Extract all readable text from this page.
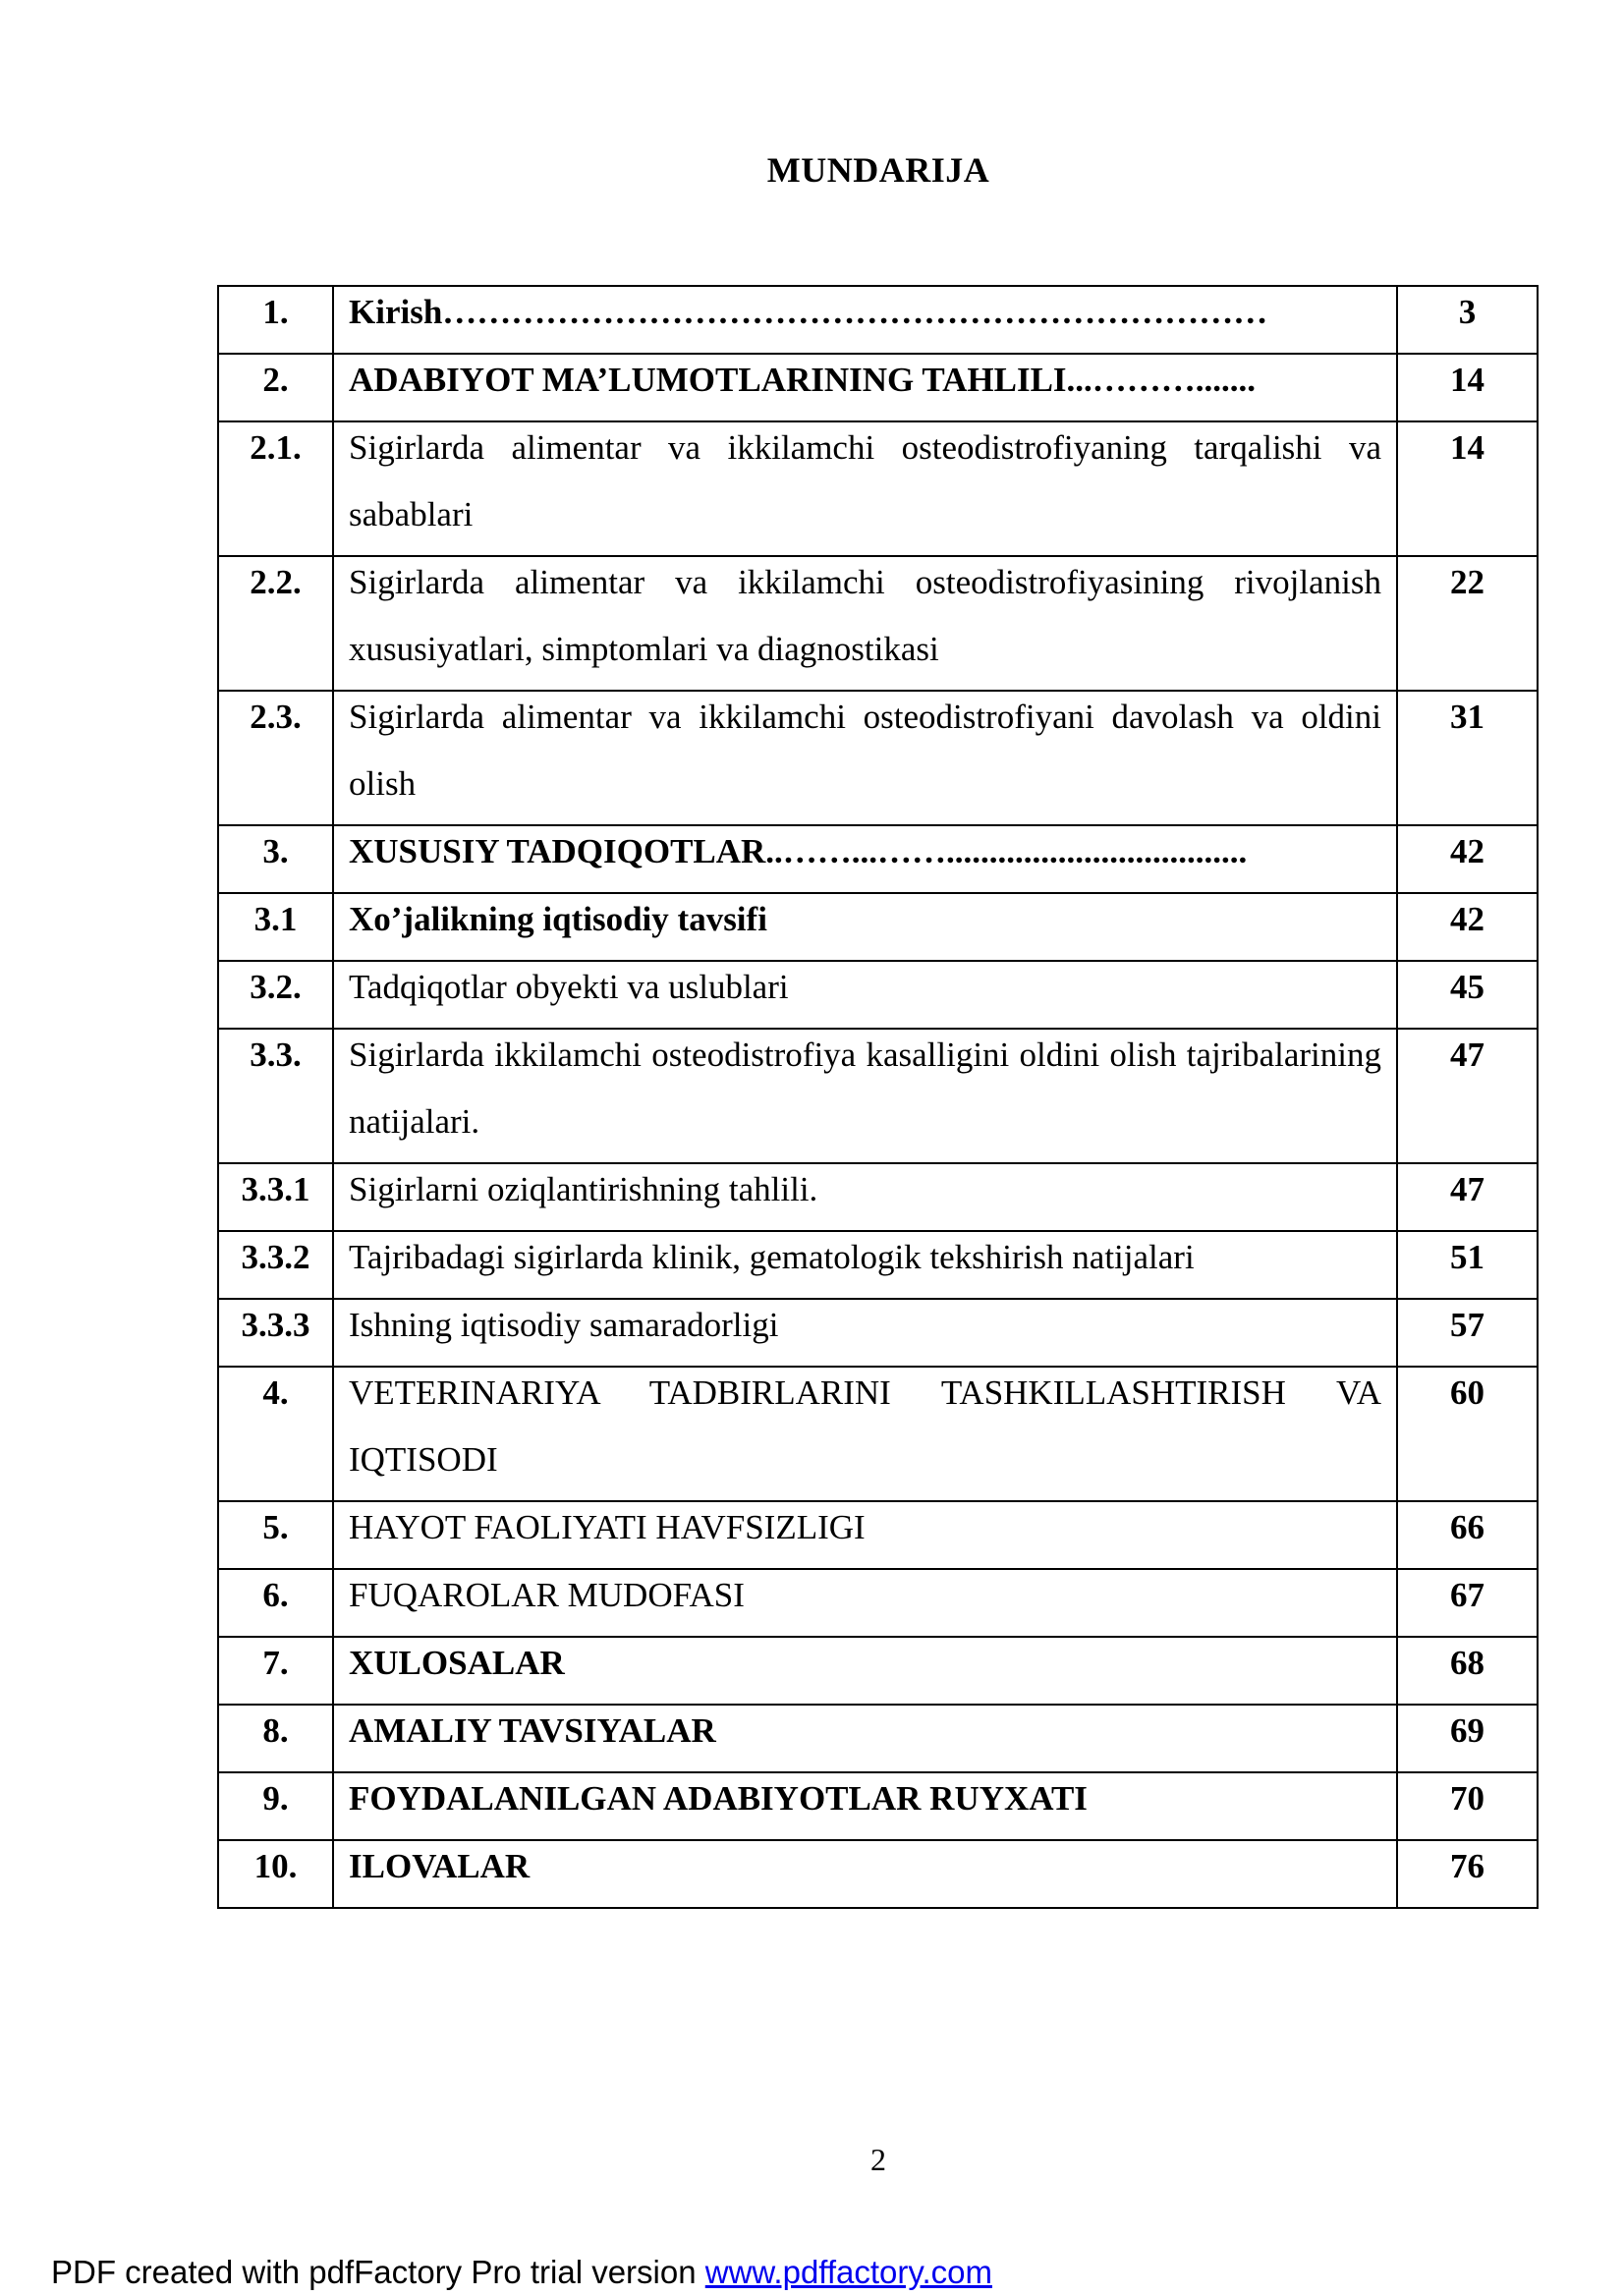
MUNDARIJA
1.	Kirish………………………………………………………………	3
2.	ADABIYOT MA’LUMOTLARINING TAHLILI...……….......	14
2.1.	Sigirlarda alimentar va ikkilamchi osteodistrofiyaning tarqalishi va sabablari	14
2.2.	Sigirlarda alimentar va ikkilamchi osteodistrofiyasining rivojlanish xususiyatlari, simptomlari va diagnostikasi	22
2.3.	Sigirlarda alimentar va ikkilamchi osteodistrofiyani davolash va oldini olish	31
3.	XUSUSIY TADQIQOTLAR..……...……...................................	42
3.1	Xo’jalikning iqtisodiy tavsifi	42
3.2.	Tadqiqotlar obyekti va uslublari	45
3.3.	Sigirlarda ikkilamchi osteodistrofiya kasalligini oldini olish tajribalarining natijalari.	47
3.3.1	Sigirlarni oziqlantirishning tahlili.	47
3.3.2	Tajribadagi sigirlarda klinik, gematologik tekshirish natijalari	51
3.3.3	Ishning iqtisodiy samaradorligi	57
4.	VETERINARIYA TADBIRLARINI TASHKILLASHTIRISH VA IQTISODI	60
5.	HAYOT FAOLIYATI HAVFSIZLIGI	66
6.	FUQAROLAR MUDOFASI	67
7.	XULOSALAR	68
8.	AMALIY TAVSIYALAR	69
9.	FOYDALANILGAN ADABIYOTLAR RUYXATI	70
10.	ILOVALAR	76
2
PDF created with pdfFactory Pro trial version www.pdffactory.com
